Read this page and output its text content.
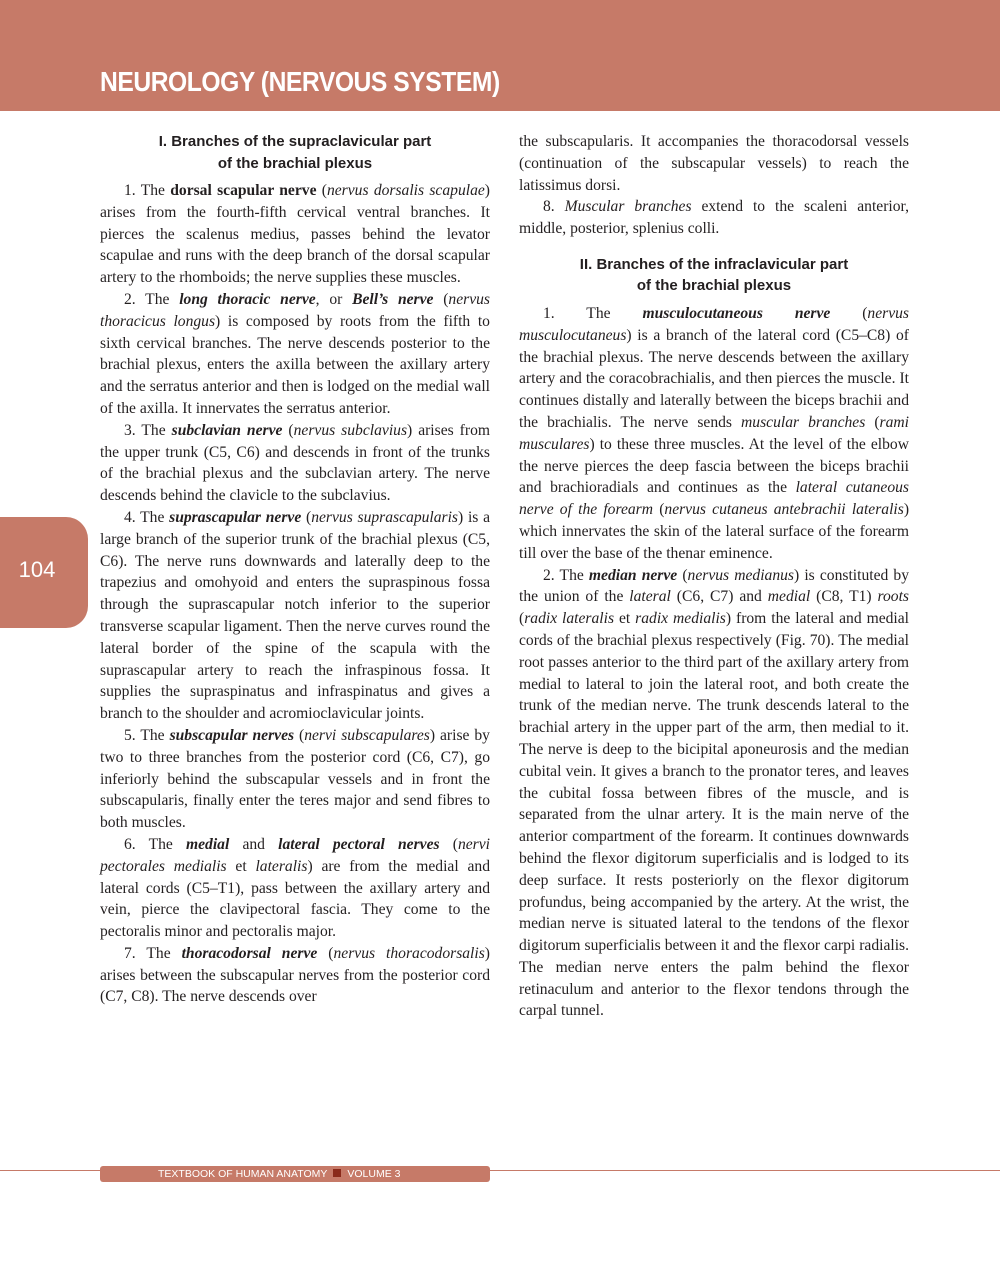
NEUROLOGY (NERVOUS SYSTEM)
104
I. Branches of the supraclavicular part
of the brachial plexus

1. The dorsal scapular nerve (nervus dorsalis scapulae) arises from the fourth-fifth cervical ventral branches. It pierces the scalenus medius, passes behind the levator scapulae and runs with the deep branch of the dorsal scapular artery to the rhomboids; the nerve supplies these muscles.

2. The long thoracic nerve, or Bell’s nerve (nervus thoracicus longus) is composed by roots from the fifth to sixth cervical branches. The nerve descends posterior to the brachial plexus, enters the axilla between the axillary artery and the serratus anterior and then is lodged on the medial wall of the axilla. It innervates the serratus anterior.

3. The subclavian nerve (nervus subclavius) arises from the upper trunk (C5, C6) and descends in front of the trunks of the brachial plexus and the subclavian artery. The nerve descends behind the clavicle to the subclavius.

4. The suprascapular nerve (nervus suprascapularis) is a large branch of the superior trunk of the brachial plexus (C5, C6). The nerve runs downwards and laterally deep to the trapezius and omohyoid and enters the supraspinous fossa through the suprascapular notch inferior to the superior transverse scapular ligament. Then the nerve curves round the lateral border of the spine of the scapula with the suprascapular artery to reach the infraspinous fossa. It supplies the supraspinatus and infraspinatus and gives a branch to the shoulder and acromioclavicular joints.

5. The subscapular nerves (nervi subscapulares) arise by two to three branches from the posterior cord (C6, C7), go inferiorly behind the subscapular vessels and in front the subscapularis, finally enter the teres major and send fibres to both muscles.

6. The medial and lateral pectoral nerves (nervi pectorales medialis et lateralis) are from the medial and lateral cords (C5–T1), pass between the axillary artery and vein, pierce the clavipectoral fascia. They come to the pectoralis minor and pectoralis major.

7. The thoracodorsal nerve (nervus thoracodorsalis) arises between the subscapular nerves from the posterior cord (C7, C8). The nerve descends over

the subscapularis. It accompanies the thoracodorsal vessels (continuation of the subscapular vessels) to reach the latissimus dorsi.

8. Muscular branches extend to the scaleni anterior, middle, posterior, splenius colli.

II. Branches of the infraclavicular part
of the brachial plexus

1. The musculocutaneous nerve (nervus musculocutaneus) is a branch of the lateral cord (C5–C8) of the brachial plexus. The nerve descends between the axillary artery and the coracobrachialis, and then pierces the muscle. It continues distally and laterally between the biceps brachii and the brachialis. The nerve sends muscular branches (rami musculares) to these three muscles. At the level of the elbow the nerve pierces the deep fascia between the biceps brachii and brachioradials and continues as the lateral cutaneous nerve of the forearm (nervus cutaneus antebrachii lateralis) which innervates the skin of the lateral surface of the forearm till over the base of the thenar eminence.

2. The median nerve (nervus medianus) is constituted by the union of the lateral (C6, C7) and medial (C8, T1) roots (radix lateralis et radix medialis) from the lateral and medial cords of the brachial plexus respectively (Fig. 70). The medial root passes anterior to the third part of the axillary artery from medial to lateral to join the lateral root, and both create the trunk of the median nerve. The trunk descends lateral to the brachial artery in the upper part of the arm, then medial to it. The nerve is deep to the bicipital aponeurosis and the median cubital vein. It gives a branch to the pronator teres, and leaves the cubital fossa between fibres of the muscle, and is separated from the ulnar artery. It is the main nerve of the anterior compartment of the forearm. It continues downwards behind the flexor digitorum superficialis and is lodged to its deep surface. It rests posteriorly on the flexor digitorum profundus, being accompanied by the artery. At the wrist, the median nerve is situated lateral to the tendons of the flexor digitorum superficialis between it and the flexor carpi radialis. The median nerve enters the palm behind the flexor retinaculum and anterior to the flexor tendons through the carpal tunnel.

TEXTBOOK OF HUMAN ANATOMY VOLUME 3
